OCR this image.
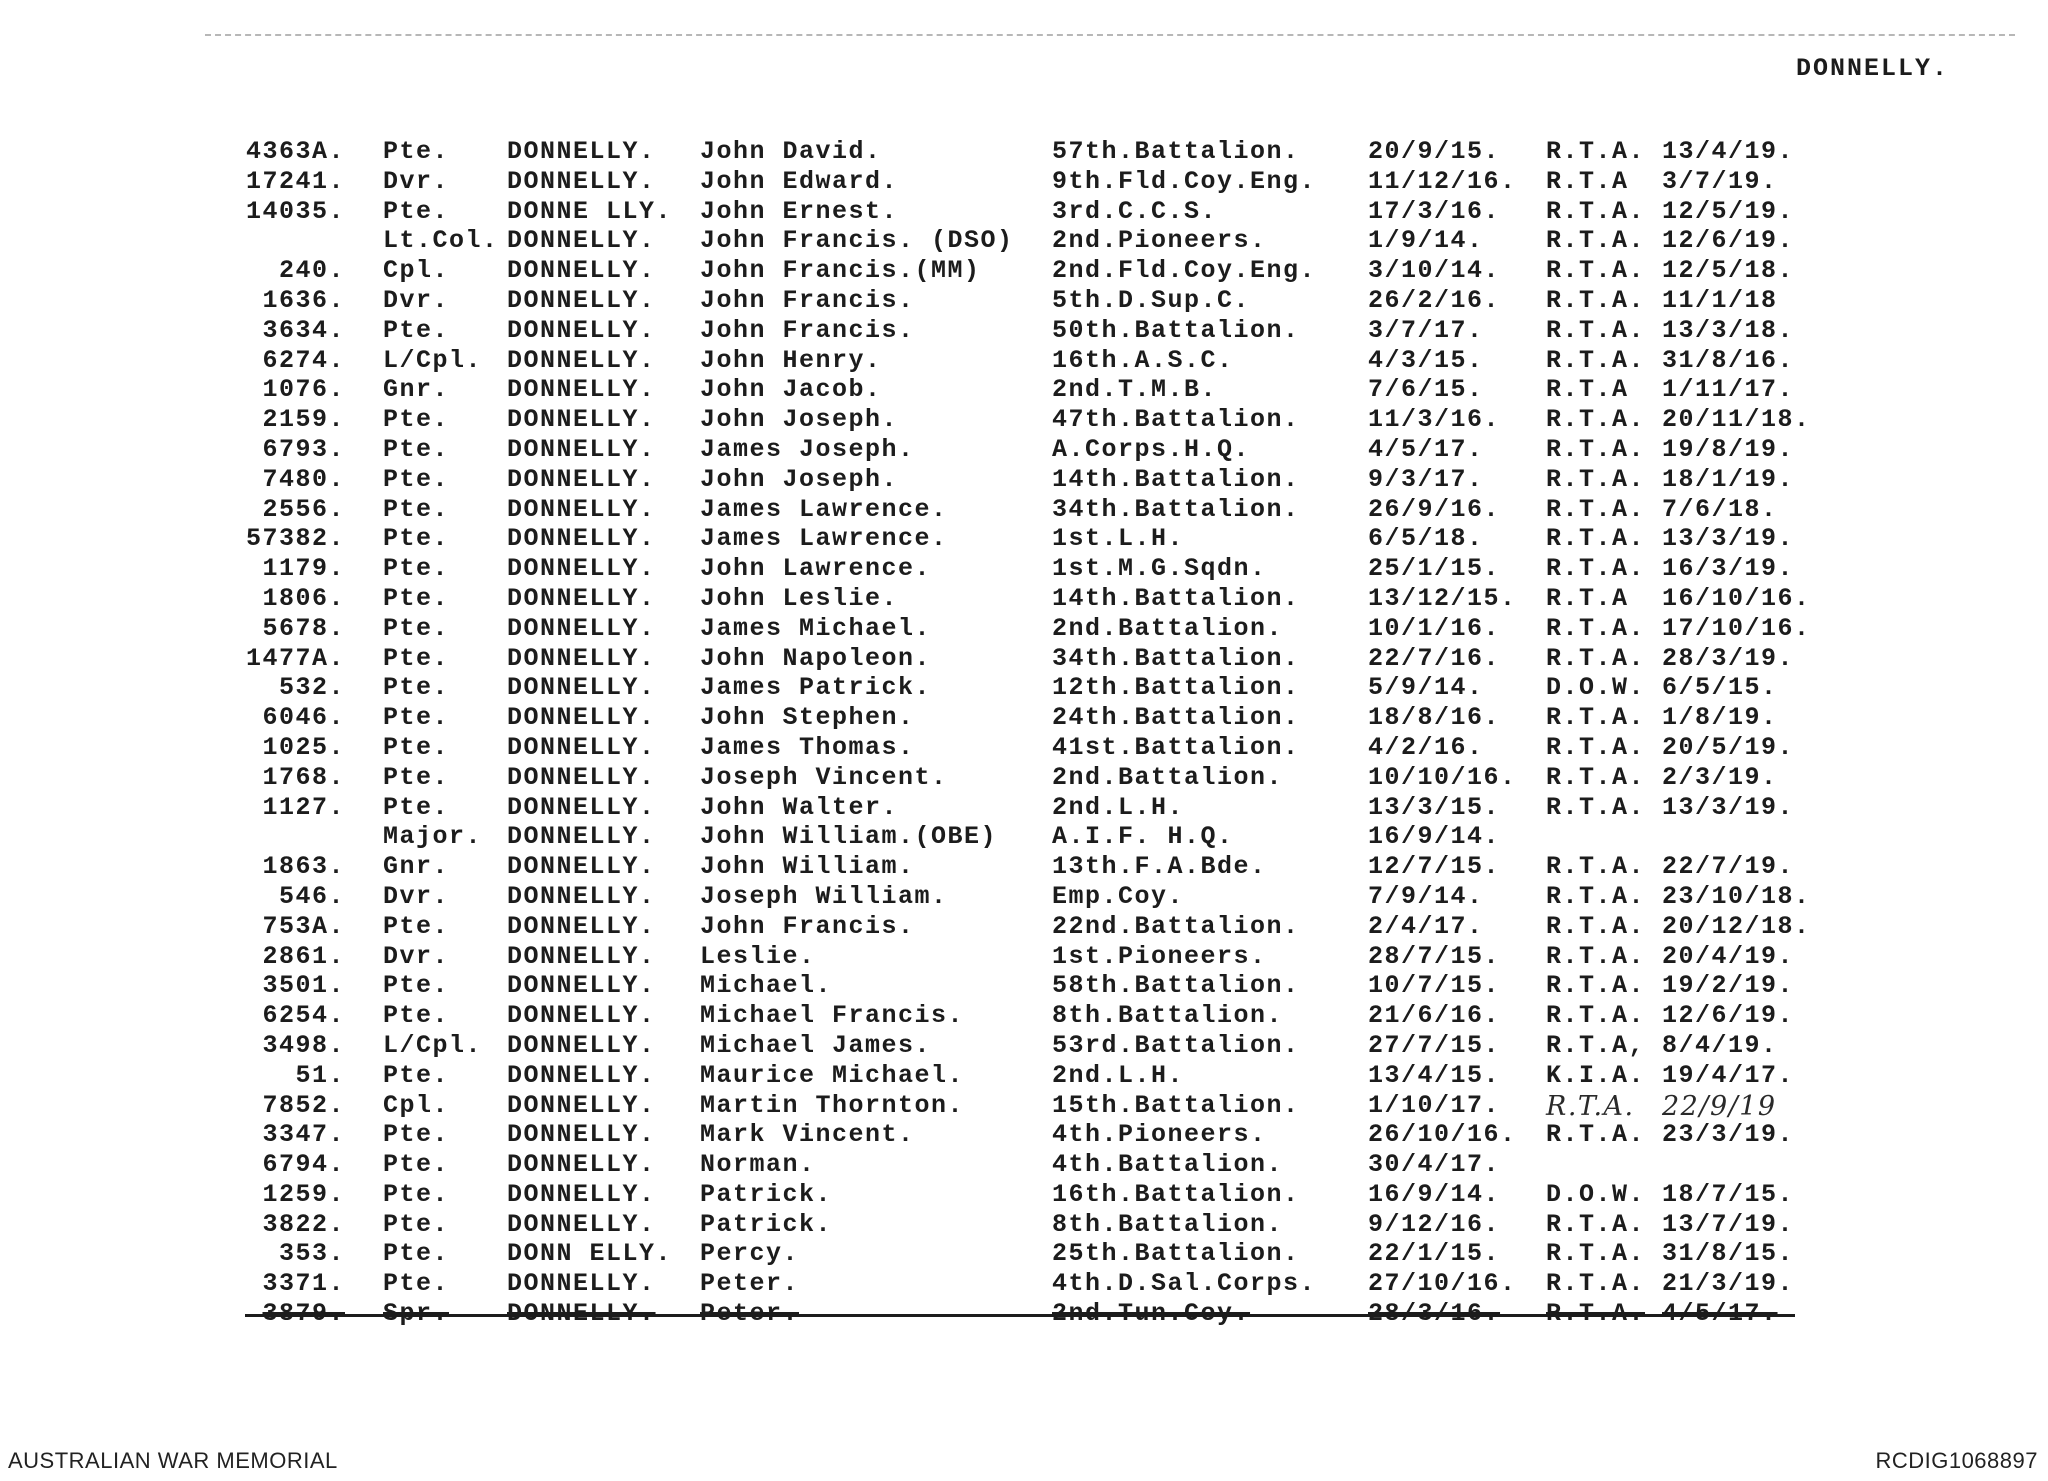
DONNELLY.
4363A. Pte. DONNELLY. John David.	57th.Battalion.	20/9/15. R.T.A. 13/4/19.
17241. Dvr. DONNELLY. John Edward.	9th.Fld.Coy.Eng. 11/12/16. R.T.A 3/7/19.
14035. Pte. DONNE LLY. John Ernest.	3rd.C.C.S.	17/3/16. R.T.A. 12/5/19.
Lt.Col. DONNELLY. John Francis. (DSO) 2nd.Pioneers.	1/9/14. R.T.A. 12/6/19.
240. Cpl. DONNELLY. John Francis.(MM)	2nd.Fld.Coy.Eng. 3/10/14. R.T.A. 12/5/18.
1636. Dvr. DONNELLY. John Francis.	5th.D.Sup.C.	26/2/16. R.T.A. 11/1/18
3634. Pte. DONNELLY. John Francis.	50th.Battalion.	3/7/17. R.T.A. 13/3/18.
6274. L/Cpl. DONNELLY. John Henry.	16th.A.S.C.	4/3/15. R.T.A. 31/8/16.
1076. Gnr. DONNELLY. John Jacob.	2nd.T.M.B.	7/6/15. R.T.A 1/11/17.
2159. Pte. DONNELLY. John Joseph.	47th.Battalion.	11/3/16. R.T.A. 20/11/18.
6793. Pte. DONNELLY. James Joseph.	A.Corps.H.Q.	4/5/17. R.T.A. 19/8/19.
7480. Pte. DONNELLY. John Joseph.	14th.Battalion.	9/3/17. R.T.A. 18/1/19.
2556. Pte. DONNELLY. James Lawrence.	34th.Battalion.	26/9/16. R.T.A. 7/6/18.
57382. Pte. DONNELLY. James Lawrence.	1st.L.H.	6/5/18. R.T.A. 13/3/19.
1179. Pte. DONNELLY. John Lawrence.	1st.M.G.Sqdn.	25/1/15. R.T.A. 16/3/19.
1806. Pte. DONNELLY. John Leslie.	14th.Battalion.	13/12/15. R.T.A 16/10/16.
5678. Pte. DONNELLY. James Michael.	2nd.Battalion.	10/1/16. R.T.A. 17/10/16.
1477A. Pte. DONNELLY. John Napoleon.	34th.Battalion.	22/7/16. R.T.A. 28/3/19.
532. Pte. DONNELLY. James Patrick.	12th.Battalion.	5/9/14. D.O.W. 6/5/15.
6046. Pte. DONNELLY. John Stephen.	24th.Battalion.	18/8/16. R.T.A. 1/8/19.
1025. Pte. DONNELLY. James Thomas.	41st.Battalion.	4/2/16. R.T.A. 20/5/19.
1768. Pte. DONNELLY. Joseph Vincent.	2nd.Battalion.	10/10/16. R.T.A. 2/3/19.
1127. Pte. DONNELLY. John Walter.	2nd.L.H.	13/3/15. R.T.A. 13/3/19.
Major. DONNELLY. John William.(OBE) A.I.F. H.Q.	16/9/14.
1863. Gnr. DONNELLY. John William.	13th.F.A.Bde.	12/7/15. R.T.A. 22/7/19.
546. Dvr. DONNELLY. Joseph William.	Emp.Coy.	7/9/14. R.T.A. 23/10/18.
753A. Pte. DONNELLY. John Francis.	22nd.Battalion.	2/4/17. R.T.A. 20/12/18.
2861. Dvr. DONNELLY. Leslie.	1st.Pioneers.	28/7/15. R.T.A. 20/4/19.
3501. Pte. DONNELLY. Michael.	58th.Battalion.	10/7/15. R.T.A. 19/2/19.
6254. Pte. DONNELLY. Michael Francis.	8th.Battalion.	21/6/16. R.T.A. 12/6/19.
3498. L/Cpl. DONNELLY. Michael James.	53rd.Battalion.	27/7/15. R.T.A, 8/4/19.
51. Pte. DONNELLY. Maurice Michael.	2nd.L.H.	13/4/15. K.I.A. 19/4/17.
7852. Cpl. DONNELLY. Martin Thornton.	15th.Battalion.	1/10/17. R.T.A. 22/9/19
3347. Pte. DONNELLY. Mark Vincent.	4th.Pioneers.	26/10/16. R.T.A. 23/3/19.
6794. Pte. DONNELLY. Norman.	4th.Battalion.	30/4/17.
1259. Pte. DONNELLY. Patrick.	16th.Battalion.	16/9/14. D.O.W. 18/7/15.
3822. Pte. DONNELLY. Patrick.	8th.Battalion.	9/12/16. R.T.A. 13/7/19.
353. Pte. DONN ELLY. Percy.	25th.Battalion.	22/1/15. R.T.A. 31/8/15.
3371. Pte. DONNELLY. Peter.	4th.D.Sal.Corps. 27/10/16. R.T.A. 21/3/19.
3879. Spr. DONNELLY. Peter.	2nd.Tun.Coy.	28/3/16. R.T.A. 4/5/17.
AUSTRALIAN WAR MEMORIAL	RCDIG1068897
